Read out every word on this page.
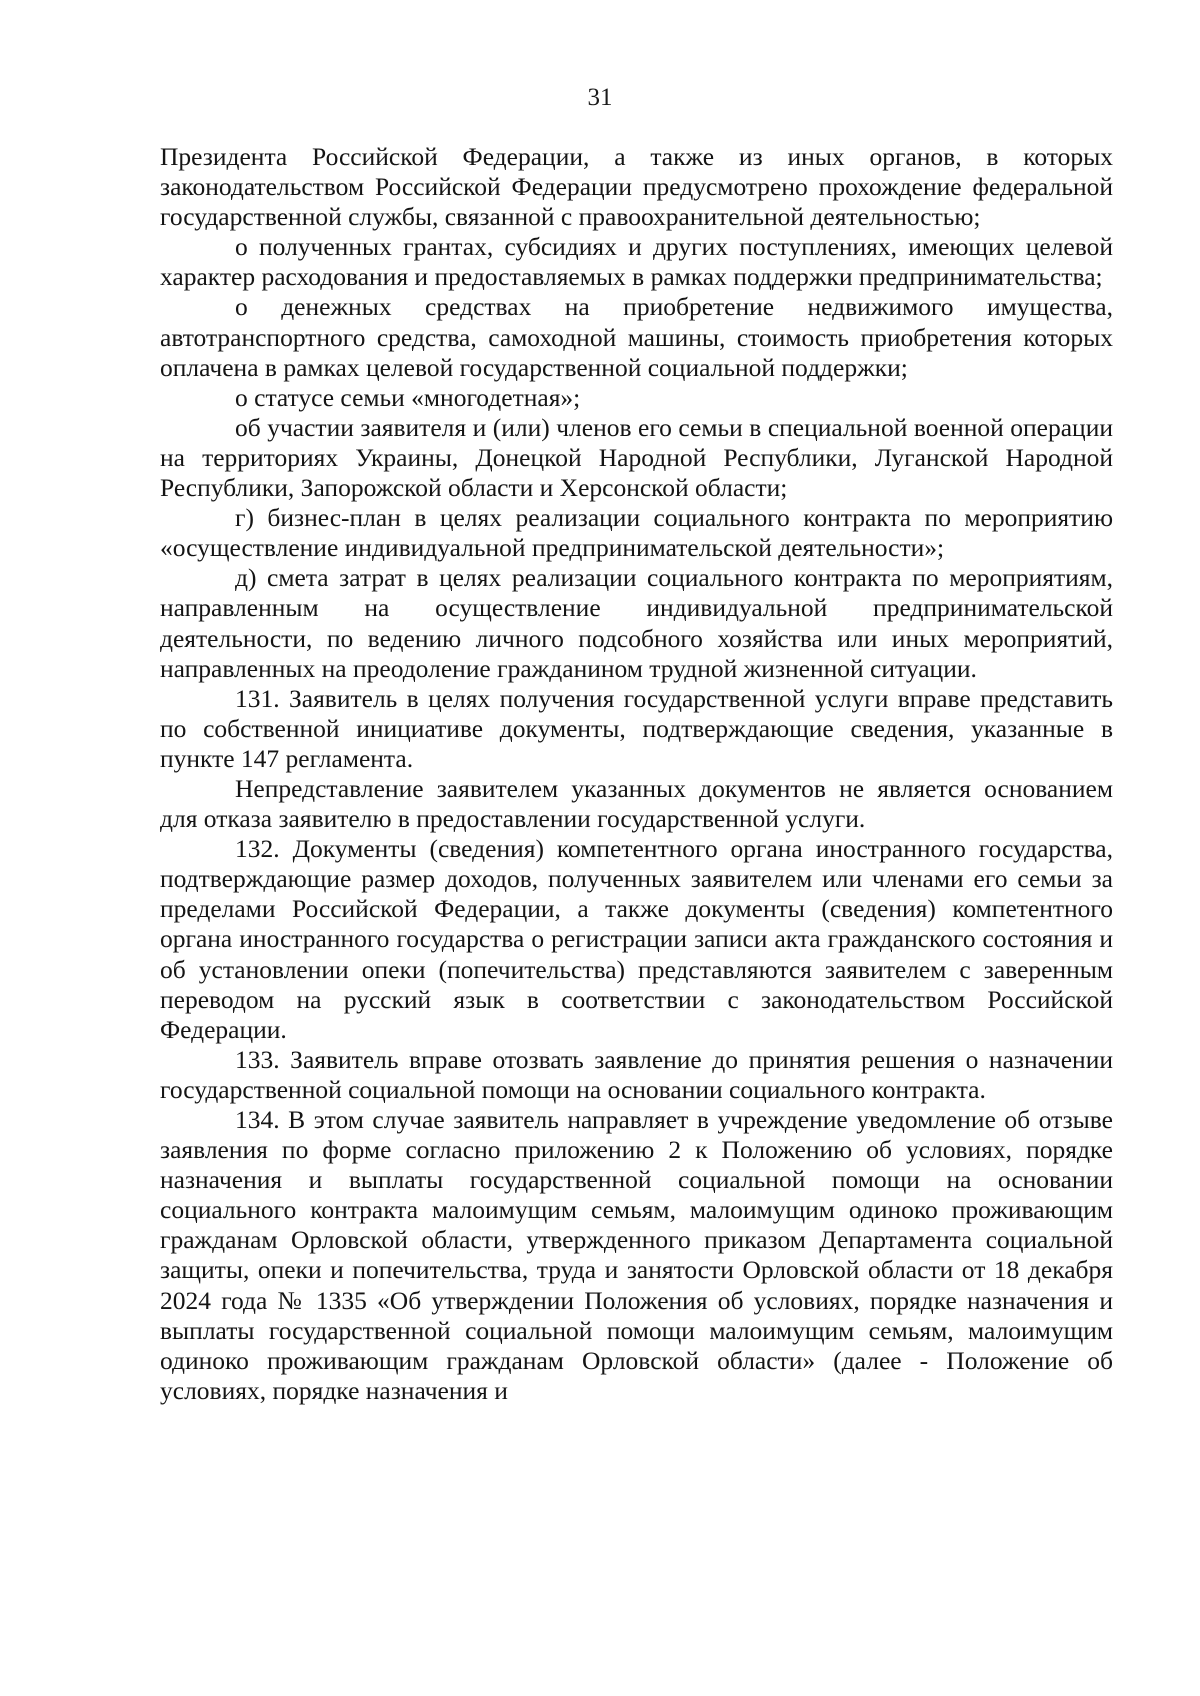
31

Президента Российской Федерации, а также из иных органов, в которых законодательством Российской Федерации предусмотрено прохождение федеральной государственной службы, связанной с правоохранительной деятельностью;

о полученных грантах, субсидиях и других поступлениях, имеющих целевой характер расходования и предоставляемых в рамках поддержки предпринимательства;

о денежных средствах на приобретение недвижимого имущества, автотранспортного средства, самоходной машины, стоимость приобретения которых оплачена в рамках целевой государственной социальной поддержки;

о статусе семьи «многодетная»;

об участии заявителя и (или) членов его семьи в специальной военной операции на территориях Украины, Донецкой Народной Республики, Луганской Народной Республики, Запорожской области и Херсонской области;

г) бизнес-план в целях реализации социального контракта по мероприятию «осуществление индивидуальной предпринимательской деятельности»;

д) смета затрат в целях реализации социального контракта по мероприятиям, направленным на осуществление индивидуальной предпринимательской деятельности, по ведению личного подсобного хозяйства или иных мероприятий, направленных на преодоление гражданином трудной жизненной ситуации.

131. Заявитель в целях получения государственной услуги вправе представить по собственной инициативе документы, подтверждающие сведения, указанные в пункте 147 регламента.

Непредставление заявителем указанных документов не является основанием для отказа заявителю в предоставлении государственной услуги.

132. Документы (сведения) компетентного органа иностранного государства, подтверждающие размер доходов, полученных заявителем или членами его семьи за пределами Российской Федерации, а также документы (сведения) компетентного органа иностранного государства о регистрации записи акта гражданского состояния и об установлении опеки (попечительства) представляются заявителем с заверенным переводом на русский язык в соответствии с законодательством Российской Федерации.

133. Заявитель вправе отозвать заявление до принятия решения о назначении государственной социальной помощи на основании социального контракта.

134. В этом случае заявитель направляет в учреждение уведомление об отзыве заявления по форме согласно приложению 2 к Положению об условиях, порядке назначения и выплаты государственной социальной помощи на основании социального контракта малоимущим семьям, малоимущим одиноко проживающим гражданам Орловской области, утвержденного приказом Департамента социальной защиты, опеки и попечительства, труда и занятости Орловской области от 18 декабря 2024 года № 1335 «Об утверждении Положения об условиях, порядке назначения и выплаты государственной социальной помощи малоимущим семьям, малоимущим одиноко проживающим гражданам Орловской области» (далее - Положение об условиях, порядке назначения и
